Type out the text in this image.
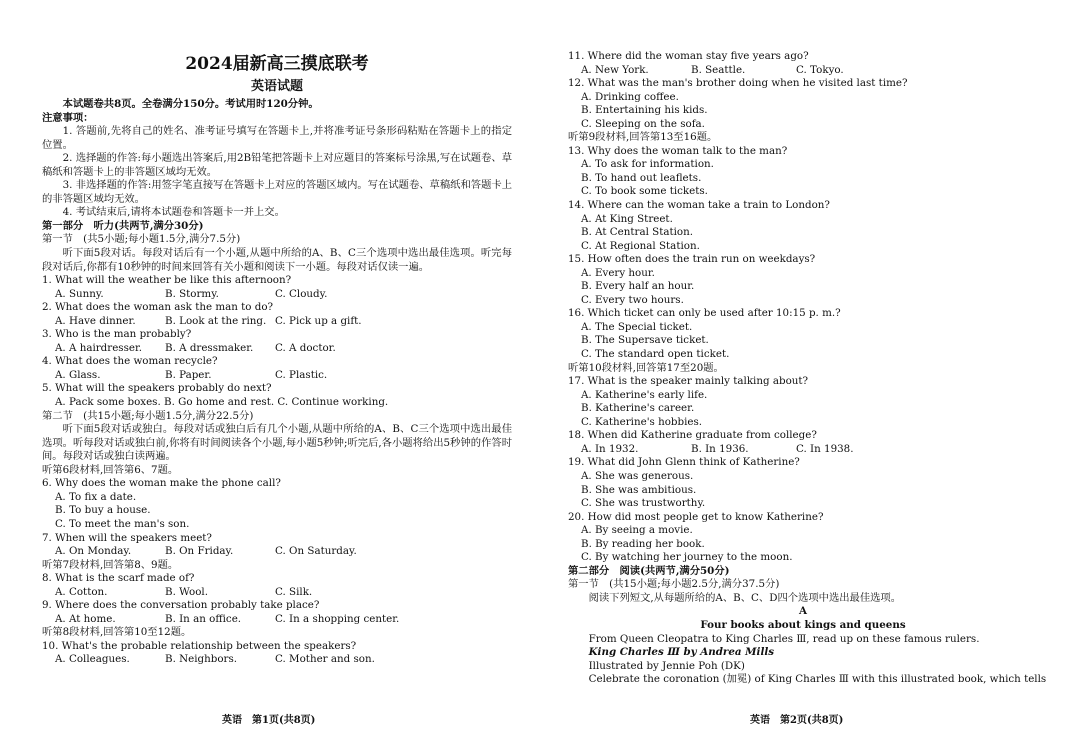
2024届新高三摸底联考
英语试题
本试题卷共8页。全卷满分150分。考试用时120分钟。
注意事项：
1. 答题前,先将自己的姓名、准考证号填写在答题卡上,并将准考证号条形码粘贴在答题卡上的指定位置。
2. 选择题的作答:每小题选出答案后,用2B铅笔把答题卡上对应题目的答案标号涂黑,写在试题卷、草稿纸和答题卡上的非答题区域均无效。
3. 非选择题的作答:用签字笔直接写在答题卡上对应的答题区域内。写在试题卷、草稿纸和答题卡上的非答题区域均无效。
4. 考试结束后,请将本试题卷和答题卡一并上交。
第一部分　听力(共两节,满分30分)
第一节　(共5小题;每小题1.5分,满分7.5分)
听下面5段对话。每段对话后有一个小题,从题中所给的A、B、C三个选项中选出最佳选项。听完每段对话后,你都有10秒钟的时间来回答有关小题和阅读下一小题。每段对话仅读一遍。
1. What will the weather be like this afternoon?
A. Sunny.	B. Stormy.	C. Cloudy.
2. What does the woman ask the man to do?
A. Have dinner.	B. Look at the ring. C. Pick up a gift.
3. Who is the man probably?
A. A hairdresser.	B. A dressmaker.	C. A doctor.
4. What does the woman recycle?
A. Glass.	B. Paper.	C. Plastic.
5. What will the speakers probably do next?
A. Pack some boxes. B. Go home and rest. C. Continue working.
第二节　(共15小题;每小题1.5分,满分22.5分)
听下面5段对话或独白。每段对话或独白后有几个小题,从题中所给的A、B、C三个选项中选出最佳选项。听每段对话或独白前,你将有时间阅读各个小题,每小题5秒钟;听完后,各小题将给出5秒钟的作答时间。每段对话或独白读两遍。
听第6段材料,回答第6、7题。
6. Why does the woman make the phone call?
A. To fix a date.
B. To buy a house.
C. To meet the man's son.
7. When will the speakers meet?
A. On Monday.	B. On Friday.	C. On Saturday.
听第7段材料,回答第8、9题。
8. What is the scarf made of?
A. Cotton.	B. Wool.	C. Silk.
9. Where does the conversation probably take place?
A. At home.	B. In an office.	C. In a shopping center.
听第8段材料,回答第10至12题。
10. What's the probable relationship between the speakers?
A. Colleagues.	B. Neighbors.	C. Mother and son.
11. Where did the woman stay five years ago?
A. New York.	B. Seattle.	C. Tokyo.
12. What was the man's brother doing when he visited last time?
A. Drinking coffee.
B. Entertaining his kids.
C. Sleeping on the sofa.
听第9段材料,回答第13至16题。
13. Why does the woman talk to the man?
A. To ask for information.
B. To hand out leaflets.
C. To book some tickets.
14. Where can the woman take a train to London?
A. At King Street.
B. At Central Station.
C. At Regional Station.
15. How often does the train run on weekdays?
A. Every hour.
B. Every half an hour.
C. Every two hours.
16. Which ticket can only be used after 10:15 p. m.?
A. The Special ticket.
B. The Supersave ticket.
C. The standard open ticket.
听第10段材料,回答第17至20题。
17. What is the speaker mainly talking about?
A. Katherine's early life.
B. Katherine's career.
C. Katherine's hobbies.
18. When did Katherine graduate from college?
A. In 1932.	B. In 1936.	C. In 1938.
19. What did John Glenn think of Katherine?
A. She was generous.
B. She was ambitious.
C. She was trustworthy.
20. How did most people get to know Katherine?
A. By seeing a movie.
B. By reading her book.
C. By watching her journey to the moon.
第二部分　阅读(共两节,满分50分)
第一节　(共15小题;每小题2.5分,满分37.5分)
阅读下列短文,从每题所给的A、B、C、D四个选项中选出最佳选项。
A
Four books about kings and queens
From Queen Cleopatra to King Charles Ⅲ, read up on these famous rulers.
King Charles Ⅲ by Andrea Mills
Illustrated by Jennie Poh (DK)
Celebrate the coronation (加冕) of King Charles Ⅲ with this illustrated book, which tells
英语　第1页(共8页)	英语　第2页(共8页)
